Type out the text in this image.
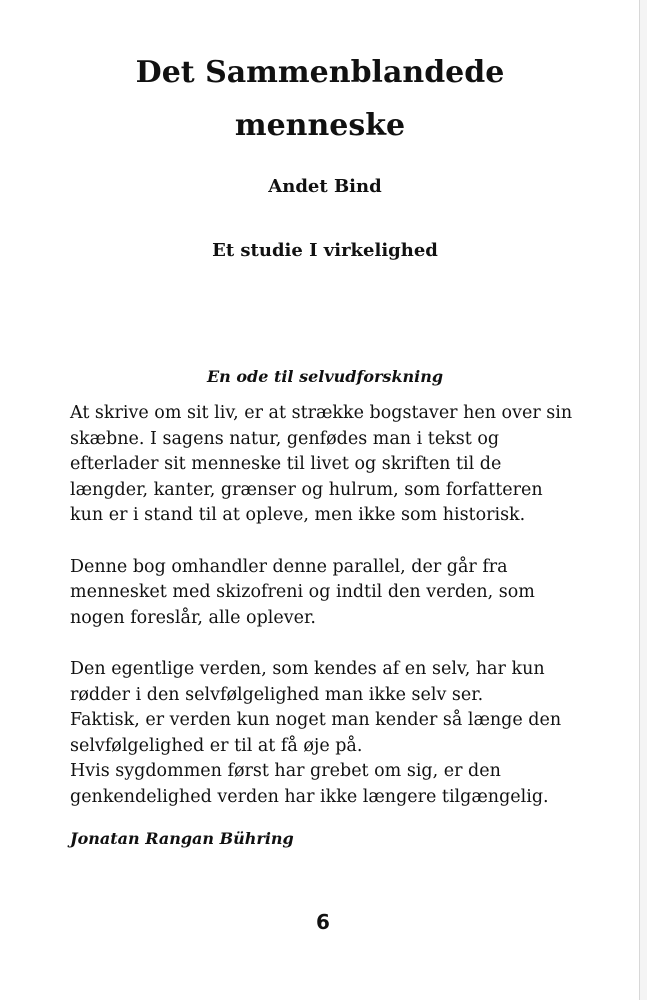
Det Sammenblandede
menneske

Andet Bind

Et studie I virkelighed

En ode til selvudforskning

At skrive om sit liv, er at strække bogstaver hen over sin
skæbne. I sagens natur, genfødes man i tekst og
efterlader sit menneske til livet og skriften til de
længder, kanter, grænser og hulrum, som forfatteren
kun er i stand til at opleve, men ikke som historisk.
Denne bog omhandler denne parallel, der går fra
mennesket med skizofreni og indtil den verden, som
nogen foreslår, alle oplever.
Den egentlige verden, som kendes af en selv, har kun
rødder i den selvfølgelighed man ikke selv ser.
Faktisk, er verden kun noget man kender så længe den
selvfølgelighed er til at få øje på.
Hvis sygdommen først har grebet om sig, er den
genkendelighed verden har ikke længere tilgængelig.

Jonatan Rangan Bühring

6
